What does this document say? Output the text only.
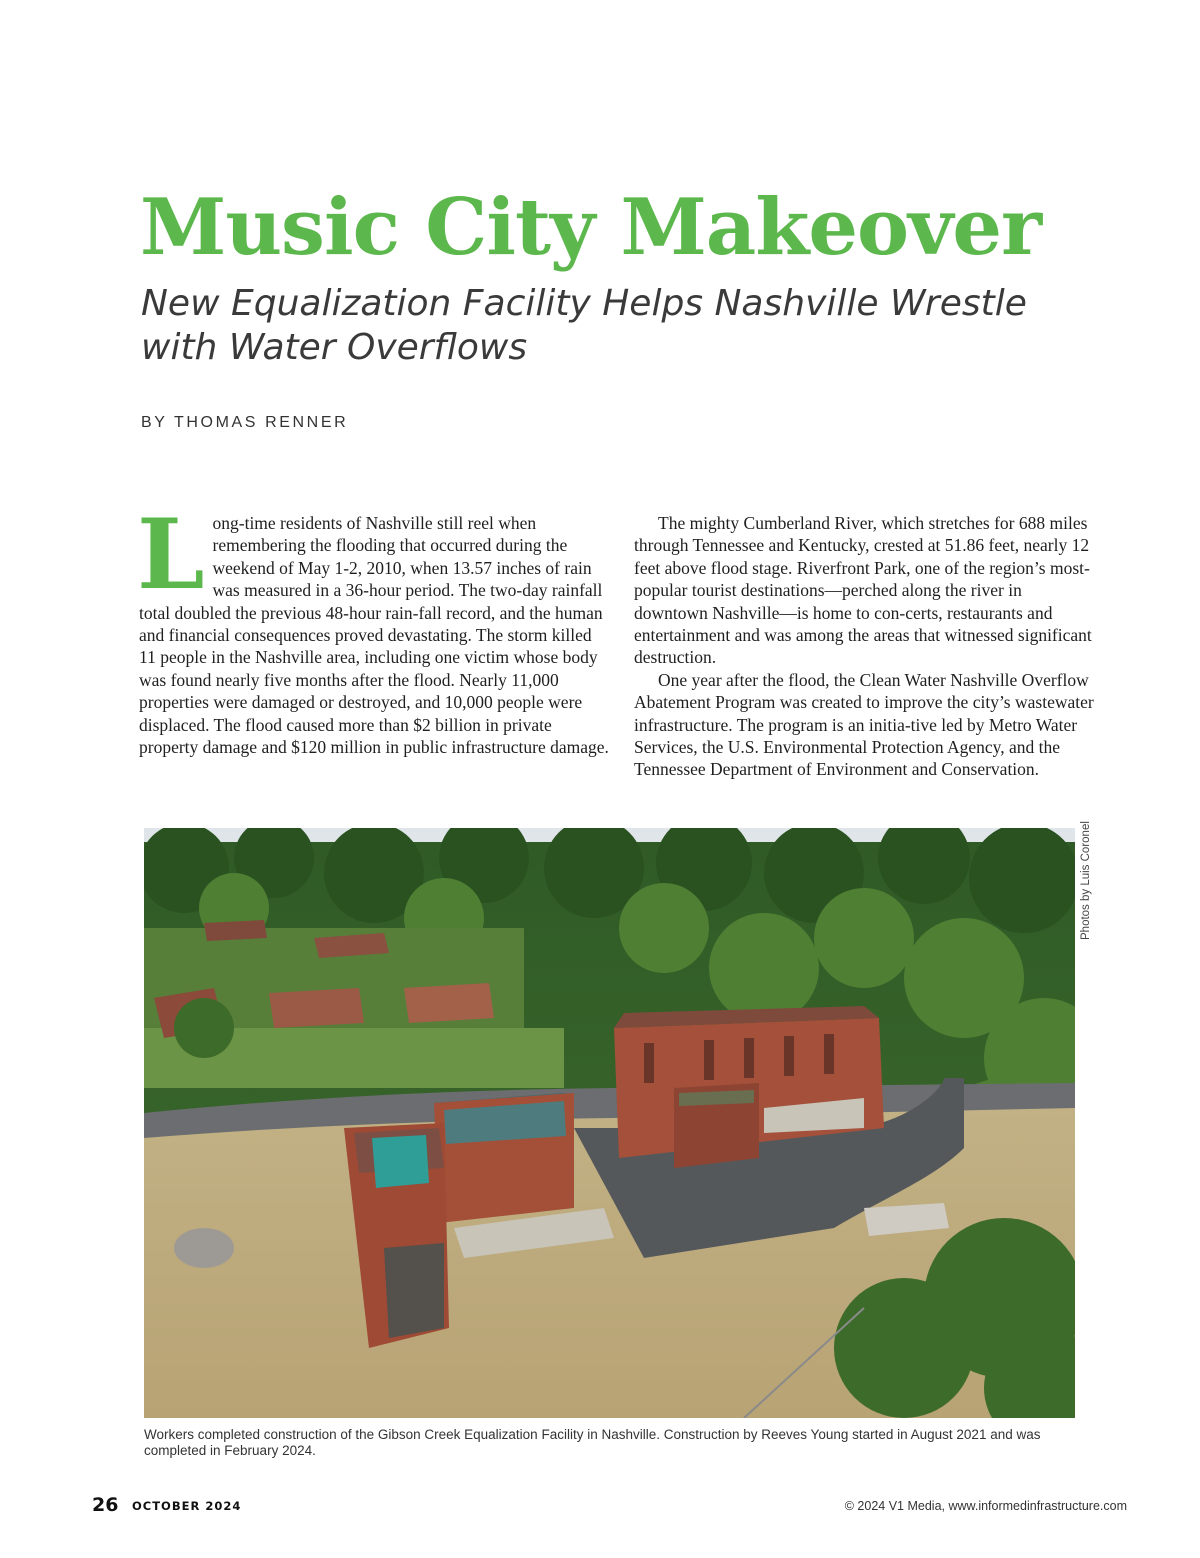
Music City Makeover
New Equalization Facility Helps Nashville Wrestle with Water Overflows
BY THOMAS RENNER

Long-time residents of Nashville still reel when remembering the flooding that occurred during the weekend of May 1-2, 2010, when 13.57 inches of rain was measured in a 36-hour period. The two-day rainfall total doubled the previous 48-hour rain-fall record, and the human and financial consequences proved devastating. The storm killed 11 people in the Nashville area, including one victim whose body was found nearly five months after the flood. Nearly 11,000 properties were damaged or destroyed, and 10,000 people were displaced. The flood caused more than $2 billion in private property damage and $120 million in public infrastructure damage.

The mighty Cumberland River, which stretches for 688 miles through Tennessee and Kentucky, crested at 51.86 feet, nearly 12 feet above flood stage. Riverfront Park, one of the region’s most-popular tourist destinations—perched along the river in downtown Nashville—is home to con-certs, restaurants and entertainment and was among the areas that witnessed significant destruction.

One year after the flood, the Clean Water Nashville Overflow Abatement Program was created to improve the city’s wastewater infrastructure. The program is an initia-tive led by Metro Water Services, the U.S. Environmental Protection Agency, and the Tennessee Department of Environment and Conservation.

Photos by Luis Coronel
Workers completed construction of the Gibson Creek Equalization Facility in Nashville. Construction by Reeves Young started in August 2021 and was completed in February 2024.
26 OCTOBER 2024	© 2024 V1 Media, www.informedinfrastructure.com
